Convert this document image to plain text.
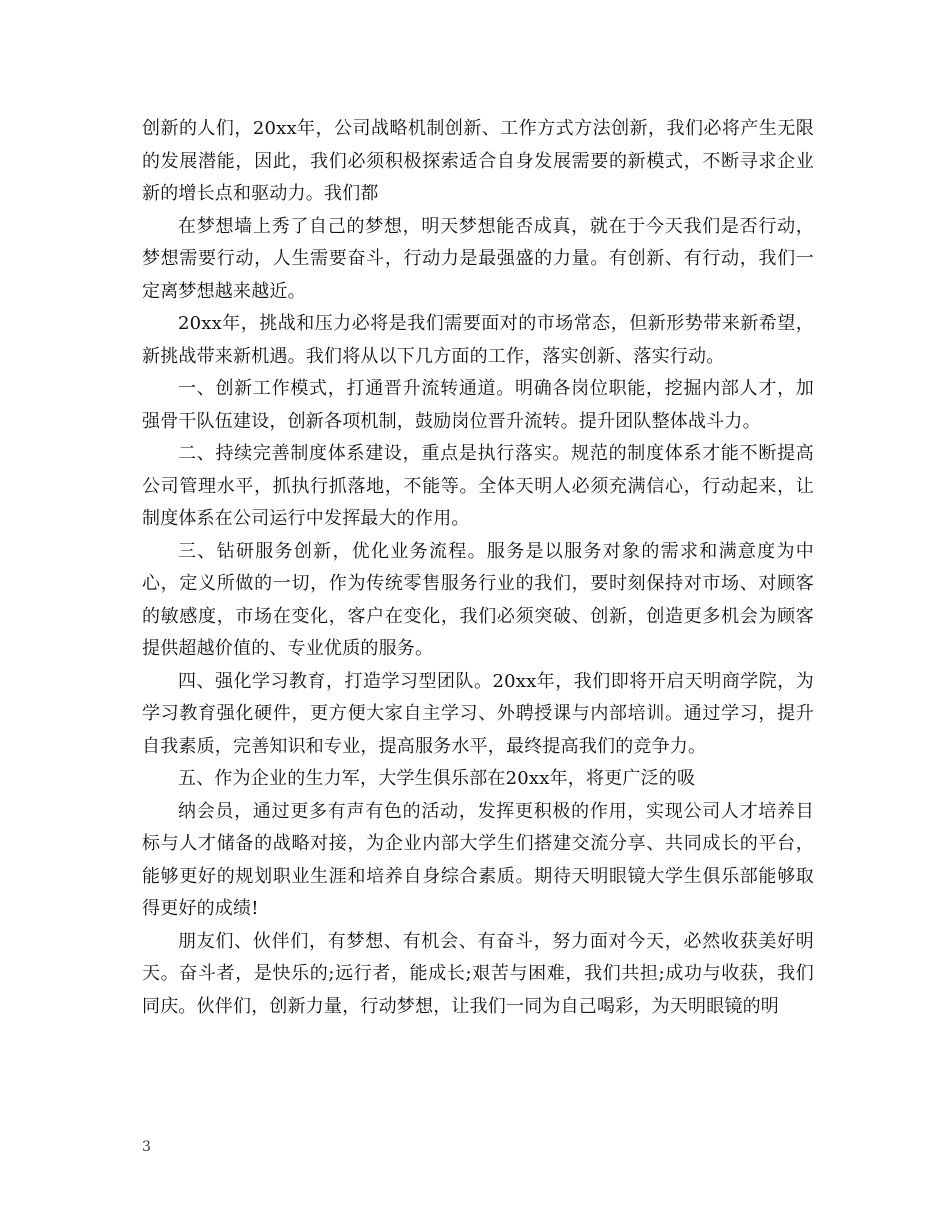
创新的人们，20xx年，公司战略机制创新、工作方式方法创新，我们必将产生无限的发展潜能，因此，我们必须积极探索适合自身发展需要的新模式，不断寻求企业新的增长点和驱动力。我们都

在梦想墙上秀了自己的梦想，明天梦想能否成真，就在于今天我们是否行动，梦想需要行动，人生需要奋斗，行动力是最强盛的力量。有创新、有行动，我们一定离梦想越来越近。

20xx年，挑战和压力必将是我们需要面对的市场常态，但新形势带来新希望，新挑战带来新机遇。我们将从以下几方面的工作，落实创新、落实行动。

一、创新工作模式，打通晋升流转通道。明确各岗位职能，挖掘内部人才，加强骨干队伍建设，创新各项机制，鼓励岗位晋升流转。提升团队整体战斗力。

二、持续完善制度体系建设，重点是执行落实。规范的制度体系才能不断提高公司管理水平，抓执行抓落地，不能等。全体天明人必须充满信心，行动起来，让制度体系在公司运行中发挥最大的作用。

三、钻研服务创新，优化业务流程。服务是以服务对象的需求和满意度为中心，定义所做的一切，作为传统零售服务行业的我们，要时刻保持对市场、对顾客的敏感度，市场在变化，客户在变化，我们必须突破、创新，创造更多机会为顾客提供超越价值的、专业优质的服务。

四、强化学习教育，打造学习型团队。20xx年，我们即将开启天明商学院，为学习教育强化硬件，更方便大家自主学习、外聘授课与内部培训。通过学习，提升自我素质，完善知识和专业，提高服务水平，最终提高我们的竞争力。

五、作为企业的生力军，大学生俱乐部在20xx年，将更广泛的吸

纳会员，通过更多有声有色的活动，发挥更积极的作用，实现公司人才培养目标与人才储备的战略对接，为企业内部大学生们搭建交流分享、共同成长的平台，能够更好的规划职业生涯和培养自身综合素质。期待天明眼镜大学生俱乐部能够取得更好的成绩!

朋友们、伙伴们，有梦想、有机会、有奋斗，努力面对今天，必然收获美好明天。奋斗者，是快乐的;远行者，能成长;艰苦与困难，我们共担;成功与收获，我们同庆。伙伴们，创新力量，行动梦想，让我们一同为自己喝彩，为天明眼镜的明

3
